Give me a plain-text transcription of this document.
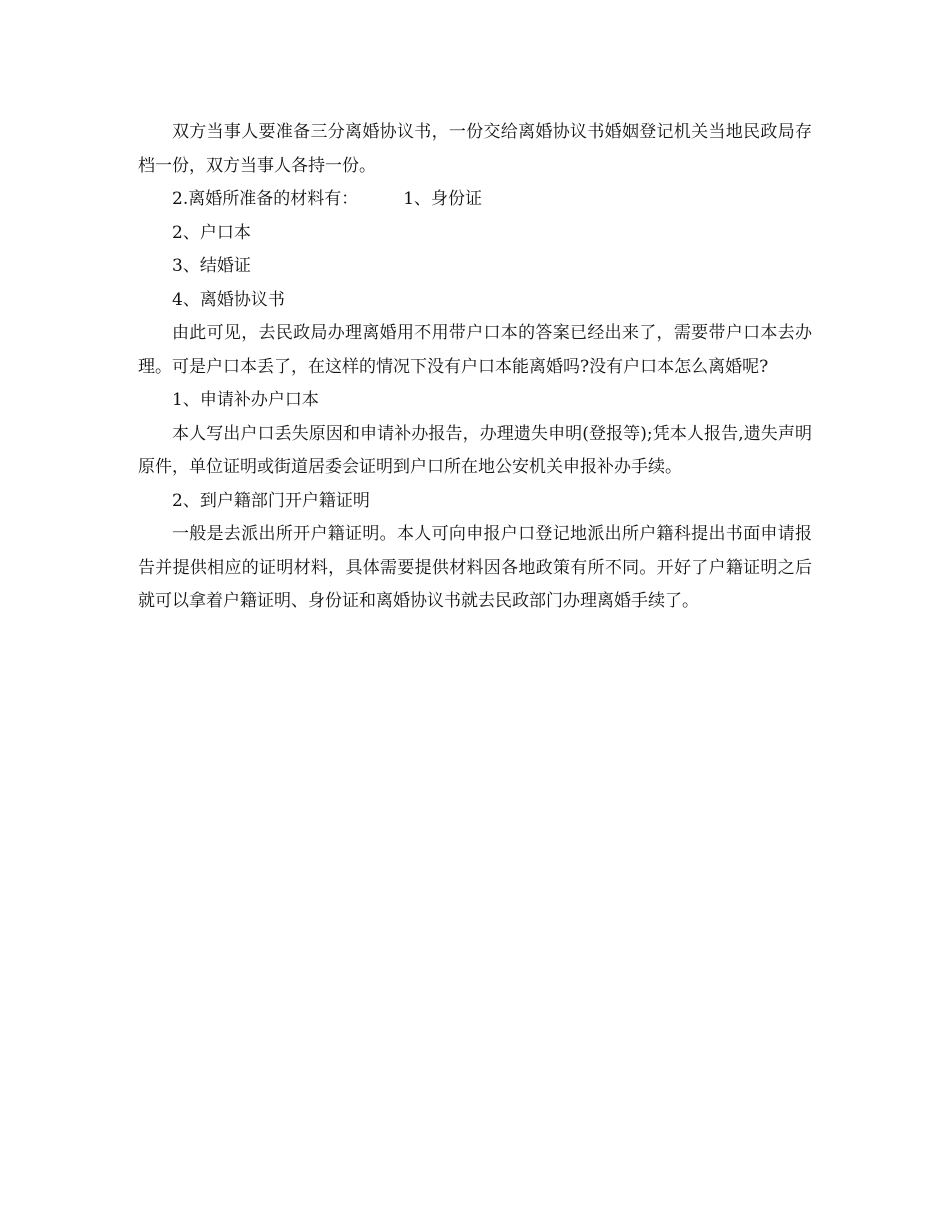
双方当事人要准备三分离婚协议书，一份交给离婚协议书婚姻登记机关当地民政局存档一份，双方当事人各持一份。

2.离婚所准备的材料有：	1、身份证

2、户口本

3、结婚证

4、离婚协议书

由此可见，去民政局办理离婚用不用带户口本的答案已经出来了，需要带户口本去办理。可是户口本丢了，在这样的情况下没有户口本能离婚吗?没有户口本怎么离婚呢?

1、申请补办户口本

本人写出户口丢失原因和申请补办报告，办理遗失申明(登报等);凭本人报告,遗失声明原件，单位证明或街道居委会证明到户口所在地公安机关申报补办手续。

2、到户籍部门开户籍证明

一般是去派出所开户籍证明。本人可向申报户口登记地派出所户籍科提出书面申请报告并提供相应的证明材料，具体需要提供材料因各地政策有所不同。开好了户籍证明之后就可以拿着户籍证明、身份证和离婚协议书就去民政部门办理离婚手续了。
